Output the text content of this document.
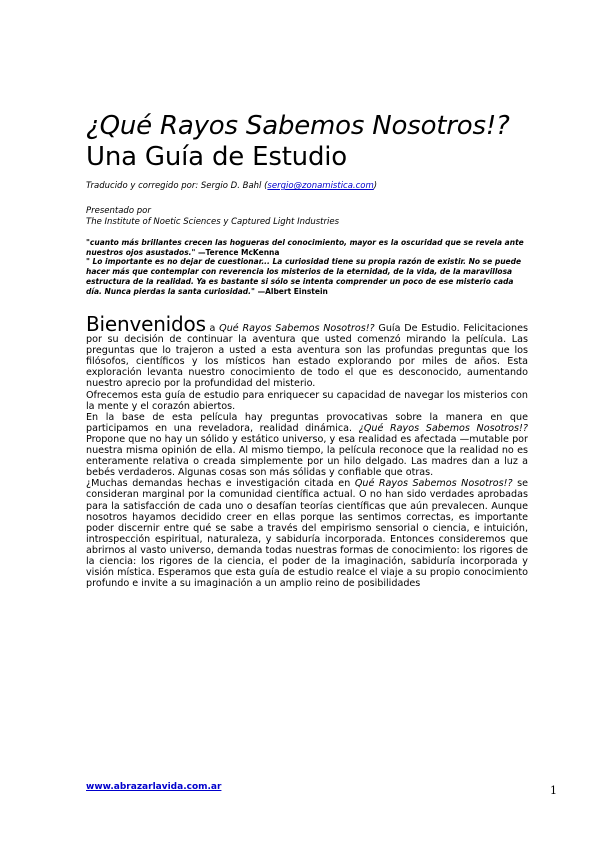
¿Qué Rayos Sabemos Nosotros!?
Una Guía de Estudio

Traducido y corregido por: Sergio D. Bahl (sergio@zonamistica.com)

Presentado por
The Institute of Noetic Sciences y Captured Light Industries

"cuanto más brillantes crecen las hogueras del conocimiento, mayor es la oscuridad que se revela ante nuestros ojos asustados." —Terence McKenna
" Lo importante es no dejar de cuestionar... La curiosidad tiene su propia razón de existir. No se puede hacer más que contemplar con reverencia los misterios de la eternidad, de la vida, de la maravillosa estructura de la realidad. Ya es bastante si sólo se intenta comprender un poco de ese misterio cada día. Nunca pierdas la santa curiosidad." —Albert Einstein

Bienvenidos a Qué Rayos Sabemos Nosotros!? Guía De Estudio. Felicitaciones por su decisión de continuar la aventura que usted comenzó mirando la película. Las preguntas que lo trajeron a usted a esta aventura son las profundas preguntas que los filósofos, científicos y los místicos han estado explorando por miles de años. Esta exploración levanta nuestro conocimiento de todo el que es desconocido, aumentando nuestro aprecio por la profundidad del misterio.

Ofrecemos esta guía de estudio para enriquecer su capacidad de navegar los misterios con la mente y el corazón abiertos.

En la base de esta película hay preguntas provocativas sobre la manera en que participamos en una reveladora, realidad dinámica. ¿Qué Rayos Sabemos Nosotros!? Propone que no hay un sólido y estático universo, y esa realidad es afectada —mutable por nuestra misma opinión de ella. Al mismo tiempo, la película reconoce que la realidad no es enteramente relativa o creada simplemente por un hilo delgado. Las madres dan a luz a bebés verdaderos. Algunas cosas son más sólidas y confiable que otras.

¿Muchas demandas hechas e investigación citada en Qué Rayos Sabemos Nosotros!? se consideran marginal por la comunidad científica actual. O no han sido verdades aprobadas para la satisfacción de cada uno o desafían teorías científicas que aún prevalecen. Aunque nosotros hayamos decidido creer en ellas porque las sentimos correctas, es importante poder discernir entre qué se sabe a través del empirismo sensorial o ciencia, e intuición, introspección espiritual, naturaleza, y sabiduría incorporada. Entonces consideremos que abrirnos al vasto universo, demanda todas nuestras formas de conocimiento: los rigores de la ciencia: los rigores de la ciencia, el poder de la imaginación, sabiduría incorporada y visión mística. Esperamos que esta guía de estudio realce el viaje a su propio conocimiento profundo e invite a su imaginación a un amplio reino de posibilidades

www.abrazarlavida.com.ar	1
